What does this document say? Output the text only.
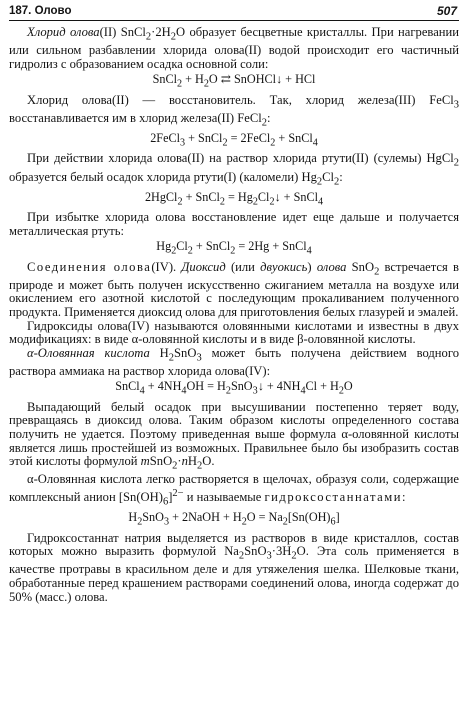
187. Олово	507

Хлорид олова(II) $SnCl_2\cdot 2H_2O$ образует бесцветные кристаллы. При нагревании или сильном разбавлении хлорида олова(II) водой происходит его частичный гидролиз с образованием осадка основной соли:

SnCl$_2$ + $H_2O$ ⇄ SnOHCl↓ + HCl

Хлорид олова(II) — восстановитель. Так, хлорид железа(III) FeCl$_3$ восстанавливается им в хлорид железа(II) FeCl$_2$:

2FeCl$_3$ + SnCl$_2$ = 2FeCl$_2$ + SnCl$_4$

При действии хлорида олова(II) на раствор хлорида ртути(II) (сулемы) HgCl$_2$ образуется белый осадок хлорида ртути(I) (каломели) $Hg_2Cl_2$:

2HgCl$_2$ + SnCl$_2$ = $Hg_2Cl_2↓$ + SnCl$_4$

При избытке хлорида олова восстановление идет еще дальше и получается металлическая ртуть:

$Hg_2Cl_2$ + SnCl$_2$ = 2Hg + SnCl$_4$

Соединения олова(IV). Диоксид (или двуокись) олова SnO$_2$ встречается в природе и может быть получен искусственно сжиганием металла на воздухе или окислением его азотной кислотой с последующим прокаливанием полученного продукта. Применяется диоксид олова для приготовления белых глазурей и эмалей.

Гидроксиды олова(IV) называются оловянными кислотами и известны в двух модификациях: в виде α-оловянной кислоты и в виде β-оловянной кислоты.

α-Оловянная кислота $H_2SnO_3$ может быть получена действием водного раствора аммиака на раствор хлорида олова(IV):

SnCl$_4$ + $4NH_4OH$ = $H_2SnO_3↓ + 4NH_4Cl + H_2O$

Выпадающий белый осадок при высушивании постепенно теряет воду, превращаясь в диоксид олова. Таким образом кислоты определенного состава получить не удается. Поэтому приведенная выше формула α-оловянной кислоты является лишь простейшей из возможных. Правильнее было бы изобразить состав этой кислоты формулой $mSnO_2\cdot nH_2O$.

α-Оловянная кислота легко растворяется в щелочах, образуя соли, содержащие комплексный анион $[Sn(OH)_6]^{2-}$ и называемые гидроксостаннатами:

$H_2SnO_3$ + 2NaOH + $H_2O = Na_2[Sn(OH)_6]$

Гидроксостаннат натрия выделяется из растворов в виде кристаллов, состав которых можно выразить формулой $Na_2SnO_3\cdot 3H_2O$. Эта соль применяется в качестве протравы в красильном деле и для утяжеления шелка. Шелковые ткани, обработанные перед крашением растворами соединений олова, иногда содержат до 50% (масс.) олова.
